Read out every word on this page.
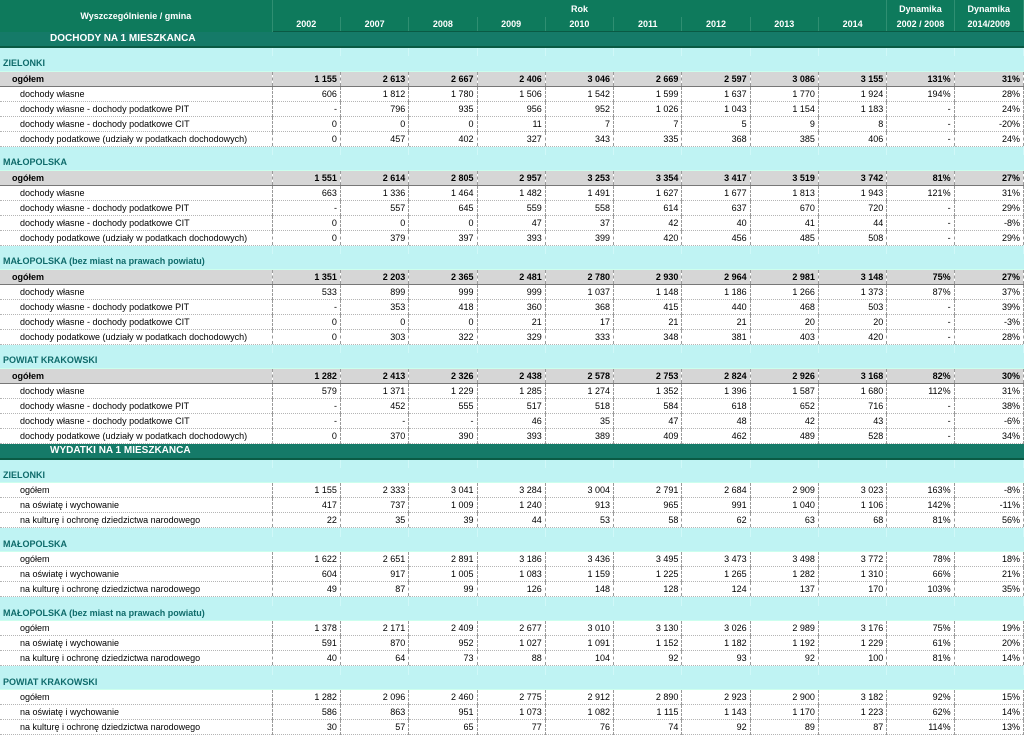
Wyszczególnienie / gmina	Rok									Dynamika	Dynamika
	2002	2007	2008	2009	2010	2011	2012	2013	2014	2002 / 2008	2014/2009
DOCHODY NA 1 MIESZKANCA											

ZIELONKI											
ogółem	1 155	2 613	2 667	2 406	3 046	2 669	2 597	3 086	3 155	131%	31%
dochody własne	606	1 812	1 780	1 506	1 542	1 599	1 637	1 770	1 924	194%	28%
dochody własne - dochody podatkowe PIT	-	796	935	956	952	1 026	1 043	1 154	1 183	-	24%
dochody własne - dochody podatkowe CIT	0	0	0	11	7	7	5	9	8	-	-20%
dochody podatkowe (udziały w podatkach dochodowych)	0	457	402	327	343	335	368	385	406	-	24%

MAŁOPOLSKA											
ogółem	1 551	2 614	2 805	2 957	3 253	3 354	3 417	3 519	3 742	81%	27%
dochody własne	663	1 336	1 464	1 482	1 491	1 627	1 677	1 813	1 943	121%	31%
dochody własne - dochody podatkowe PIT	-	557	645	559	558	614	637	670	720	-	29%
dochody własne - dochody podatkowe CIT	0	0	0	47	37	42	40	41	44	-	-8%
dochody podatkowe (udziały w podatkach dochodowych)	0	379	397	393	399	420	456	485	508	-	29%

MAŁOPOLSKA (bez miast na prawach powiatu)											
ogółem	1 351	2 203	2 365	2 481	2 780	2 930	2 964	2 981	3 148	75%	27%
dochody własne	533	899	999	999	1 037	1 148	1 186	1 266	1 373	87%	37%
dochody własne - dochody podatkowe PIT	-	353	418	360	368	415	440	468	503	-	39%
dochody własne - dochody podatkowe CIT	0	0	0	21	17	21	21	20	20	-	-3%
dochody podatkowe (udziały w podatkach dochodowych)	0	303	322	329	333	348	381	403	420	-	28%

POWIAT KRAKOWSKI											
ogółem	1 282	2 413	2 326	2 438	2 578	2 753	2 824	2 926	3 168	82%	30%
dochody własne	579	1 371	1 229	1 285	1 274	1 352	1 396	1 587	1 680	112%	31%
dochody własne - dochody podatkowe PIT	-	452	555	517	518	584	618	652	716	-	38%
dochody własne - dochody podatkowe CIT	-	-	-	46	35	47	48	42	43	-	-6%
dochody podatkowe (udziały w podatkach dochodowych)	0	370	390	393	389	409	462	489	528	-	34%
WYDATKI NA 1 MIESZKANCA											

ZIELONKI											
ogółem	1 155	2 333	3 041	3 284	3 004	2 791	2 684	2 909	3 023	163%	-8%
na oświatę i wychowanie	417	737	1 009	1 240	913	965	991	1 040	1 106	142%	-11%
na kulturę i ochronę dziedzictwa narodowego	22	35	39	44	53	58	62	63	68	81%	56%

MAŁOPOLSKA											
ogółem	1 622	2 651	2 891	3 186	3 436	3 495	3 473	3 498	3 772	78%	18%
na oświatę i wychowanie	604	917	1 005	1 083	1 159	1 225	1 265	1 282	1 310	66%	21%
na kulturę i ochronę dziedzictwa narodowego	49	87	99	126	148	128	124	137	170	103%	35%

MAŁOPOLSKA (bez miast na prawach powiatu)											
ogółem	1 378	2 171	2 409	2 677	3 010	3 130	3 026	2 989	3 176	75%	19%
na oświatę i wychowanie	591	870	952	1 027	1 091	1 152	1 182	1 192	1 229	61%	20%
na kulturę i ochronę dziedzictwa narodowego	40	64	73	88	104	92	93	92	100	81%	14%

POWIAT KRAKOWSKI											
ogółem	1 282	2 096	2 460	2 775	2 912	2 890	2 923	2 900	3 182	92%	15%
na oświatę i wychowanie	586	863	951	1 073	1 082	1 115	1 143	1 170	1 223	62%	14%
na kulturę i ochronę dziedzictwa narodowego	30	57	65	77	76	74	92	89	87	114%	13%
